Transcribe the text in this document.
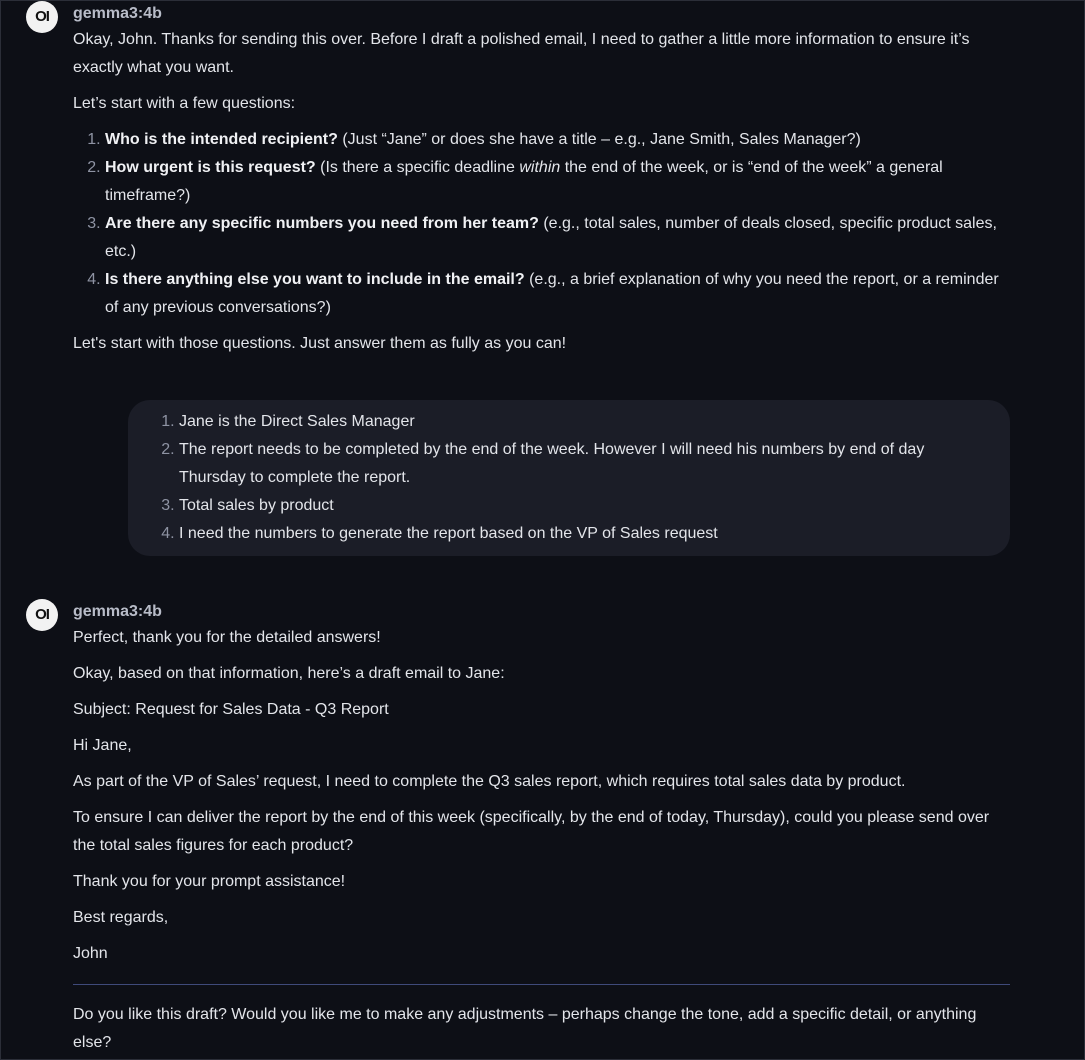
OI	gemma3:4b

Okay, John. Thanks for sending this over. Before I draft a polished email, I need to gather a little more information to ensure it’s exactly what you want.

Let’s start with a few questions:

1. Who is the intended recipient? (Just “Jane” or does she have a title – e.g., Jane Smith, Sales Manager?)
2. How urgent is this request? (Is there a specific deadline within the end of the week, or is “end of the week” a general timeframe?)
3. Are there any specific numbers you need from her team? (e.g., total sales, number of deals closed, specific product sales, etc.)
4. Is there anything else you want to include in the email? (e.g., a brief explanation of why you need the report, or a reminder of any previous conversations?)

Let's start with those questions. Just answer them as fully as you can!

1. Jane is the Direct Sales Manager
2. The report needs to be completed by the end of the week. However I will need his numbers by end of day Thursday to complete the report.
3. Total sales by product
4. I need the numbers to generate the report based on the VP of Sales request
OI	gemma3:4b

Perfect, thank you for the detailed answers!

Okay, based on that information, here’s a draft email to Jane:

Subject: Request for Sales Data - Q3 Report

Hi Jane,

As part of the VP of Sales’ request, I need to complete the Q3 sales report, which requires total sales data by product.

To ensure I can deliver the report by the end of this week (specifically, by the end of today, Thursday), could you please send over the total sales figures for each product?

Thank you for your prompt assistance!

Best regards,

John

Do you like this draft? Would you like me to make any adjustments – perhaps change the tone, add a specific detail, or anything else?
